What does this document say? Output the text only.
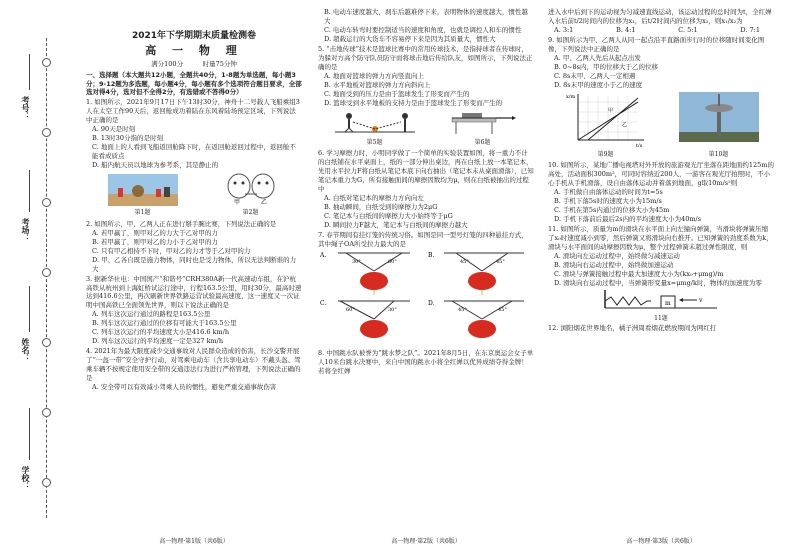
考号：
考场：
姓名：
学校：
2021年下学期期末质量检测卷
高 一 物 理
满分100分　　　时量75分钟

一、选择题（本大题共12小题，全题共40分，1-8题为单选题，每小题3分；9-12题为多选题，每小题4分，每小题有多个选项符合题目要求，全部选对得4分，选对但不全得2分，有选错或不答得0分）

1. 如图所示，2021年9月17日下午13时30分，神舟十二号载人飞船乘组3人在太空工作90天后，返回舱成功着陆在东风着陆场预定区域，下列说法中正确的是

A. 90天是时刻

B. 13时30分指的是时刻

C. 地面上的人看到飞船返回舱降下时，在返回舱返回过程中，返回舱不能看成质点

D. 船内航天员以地球为参考系，其是静止的

第1题
甲	乙
第2题

2. 如图所示，甲、乙两人正在进行掰手腕比赛，下列说法正确的是

A. 若甲赢了，则甲对乙的力大于乙对甲的力

B. 若甲赢了，则甲对乙的力小于乙对甲的力

C. 只有甲乙相持不下时，甲对乙的力才等于乙对甲的力

D. 甲、乙各自既是施力物体，同时也是受力物体，所以无法判断谁的力大

3. 据新华社电：中国国产“和谐号”CRH380A新一代高速动车组，在沪杭高铁从杭州到上海虹桥试运行途中，行程163.5公里，用时30分，最高时速达到416.6公里，再次刷新世界铁路运营试验最高速度，这一速度又一次证明中国高铁已全面领先世界，则以下说法正确的是

A. 列车这次运行通过的路程是163.5公里

B. 列车这次运行通过的位移有可能大于163.5公里

C. 列车这次运行的平均速度大小是416.6 km/h

D. 列车这次运行的平均速度一定是327 km/h

4. 2021年为最大限度减少交通事故对人民群众造成的伤害，长沙交警开展了“一盔一带”安全守护行动，对驾乘电动车（含共享电动车）不戴头盔、驾乘车辆不按规定使用安全带的交通违法行为进行严格管理，下列说法正确的是

A. 安全带可以有效减小驾乘人员的惯性，避免严重交通事故伤害

B. 电动车速度越大，刹车后越难停下来，表明物体的速度越大，惯性越大

C. 电动车转弯时要控制适当的速度和角度，也就是调控人和车的惯性

D. 超载运行的大货车不容易停下来是因为其质量大，惯性大

5. “击地传球”技术是篮球比赛中的常用传球技术，是指持球者在传球时，为躲对方高个防守队员防守而将球击地后传给队友，如图所示，下列说法正确的是

A. 地面对篮球的弹力方向竖直向上

B. 水平地板对篮球的弹力方向斜向上

C. 地面受到的压力是由于篮球发生了形变而产生的

D. 篮球受到水平地板的支持力是由于篮球发生了形变而产生的

第5题	第6题

6. 学习摩擦力时，小明同学做了一个简单的实验装置如图，将一重力不计的白纸铺在水平桌面上，纸的一部分伸出桌边，再在白纸上放一本笔记本，先用水平拉力F将白纸从笔记本底下向右抽出（笔记本未从桌面滑落），已知笔记本重力为G，所有接触面间的摩擦因数均为μ，则在白纸被抽出的过程中

A. 白纸对笔记本的摩擦力方向向左

B. 抽动瞬间，白纸受到的摩擦力为2μG

C. 笔记本与白纸间的摩擦力大小始终等于μG

D. 瞬间拉力F越大，笔记本与白纸间的摩擦力越大

7. 春节期间有挂灯笼的传统习俗。如图是同一型号灯笼的四种悬挂方式，其中绳子OA所受拉力最大的是

A.
30°	60°
B.
45°	45°
C.
60°	30°
D.
45°	45°

8. 中国跳水队被誉为“跳水梦之队”。2021年8月5日，在东京奥运会女子单人10米台跳水决赛中，来自中国的跳水小将全红婵以优异成绩夺得金牌！若将全红婵

进入水中后到下的运动视为匀减速直线运动，该运动过程的总时间为t，全红婵入水后前t/2时间内的位移为x₁，后t/2时间内的位移为x₂，则x₁/x₂为

A. 3:1	B. 4:1	C. 5:1	D. 7:1

9. 如图所示为甲、乙两人从同一起点沿平直路面步行时的位移随时间变化图像，下列说法中正确的是

A. 甲、乙两人先后从起点出发

B. 0~8s内，甲的位移大于乙的位移

C. 8s末甲、乙两人一定相遇

D. 8s末甲的速度小于乙的速度

x/m
t/s
甲
乙
第9题	第10题

10. 如图所示，某地广播电视塔对外开放的旅游观光厅坐落在距地面约125m的高处，活动面积300m²，可同时容纳近200人，一游客在观光厅拍照时，不小心手机从手机滑落，设自由落体运动并着落到地面，g取10m/s²则

A. 手机做自由落体运动的时间为t=5s

B. 手机下落5s时的速度大小为15m/s

C. 手机在第5s内通过的位移大小为45m

D. 手机下落前后最后2s内的平均速度大小为40m/s

11. 如图所示，质量为m的滑块在水平面上向左撞向弹簧，当滑块将弹簧压缩了x₀时速度减小到零，然后弹簧又将滑块向右推开。已知弹簧的劲度系数为k，滑块与水平面间的动摩擦因数为μ，整个过程弹簧未超过弹性限度，则

A. 滑块向左运动过程中，始终做匀减速运动

B. 滑块向右运动过程中，始终做加速运动

C. 滑块与弹簧接触过程中最大加速度大小为(kx₀+μmg)/m

D. 滑块向右运动过程中，当弹簧形变量x=μmg/k时，物体的加速度为零

m	v
11题

12. 浏阳烟花世界地名，橘子洲周看烟花燃放期间为网红打

高一物理·第1版（共6版）	高一物理·第2版（共6版）	高一物理·第3版（共6版）
